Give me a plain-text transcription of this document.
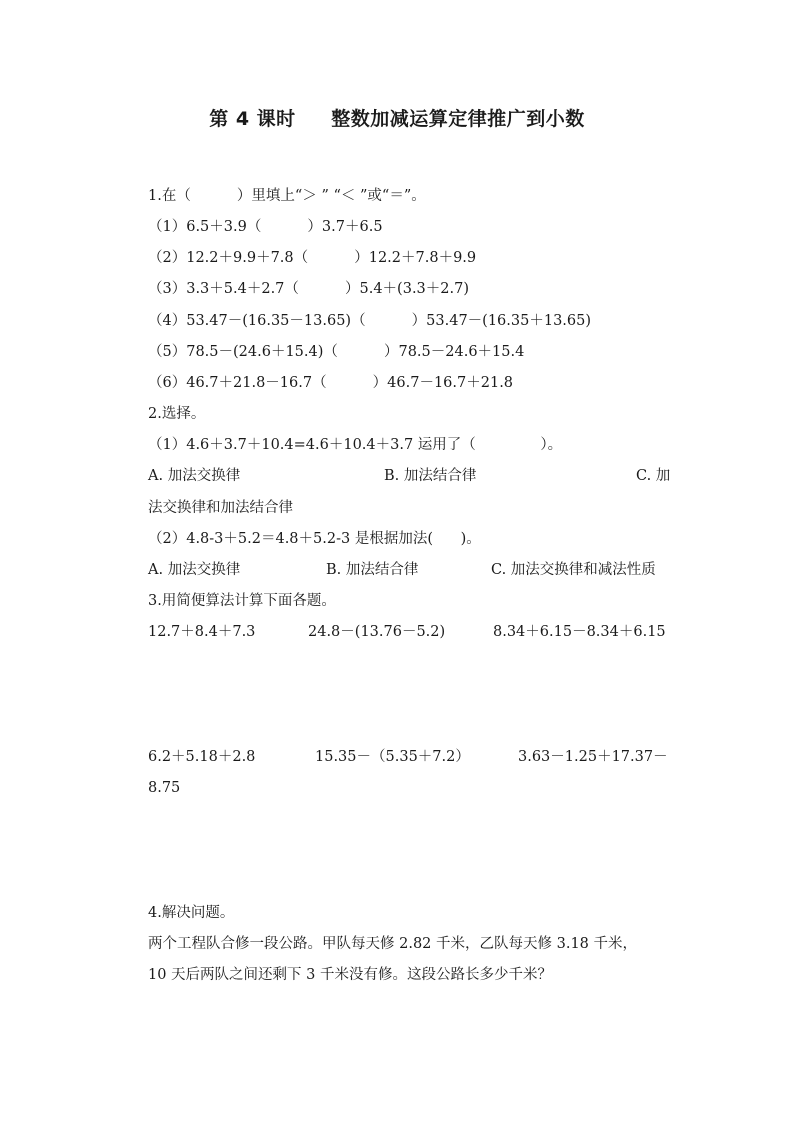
第 4 课时     整数加减运算定律推广到小数
1.在（          ）里填上“＞ ” “＜ ”或“＝”。
（1）6.5＋3.9（          ）3.7＋6.5
（2）12.2＋9.9＋7.8（          ）12.2＋7.8＋9.9
（3）3.3＋5.4＋2.7（          ）5.4＋(3.3＋2.7)
（4）53.47－(16.35－13.65)（          ）53.47－(16.35＋13.65)
（5）78.5－(24.6＋15.4)（          ）78.5－24.6＋15.4
（6）46.7＋21.8－16.7（          ）46.7－16.7＋21.8
2.选择。
（1）4.6＋3.7＋10.4=4.6＋10.4＋3.7 运用了（              ）。
A. 加法交换律	B. 加法结合律	C. 加
法交换律和加法结合律
（2）4.8-3＋5.2＝4.8＋5.2-3 是根据加法(      )。
A. 加法交换律	B. 加法结合律	C. 加法交换律和减法性质
3.用简便算法计算下面各题。
12.7＋8.4＋7.3	24.8－(13.76－5.2)	8.34＋6.15－8.34＋6.15
6.2＋5.18＋2.8	15.35－（5.35＋7.2）	3.63－1.25＋17.37－
8.75
4.解决问题。
两个工程队合修一段公路。甲队每天修 2.82 千米，乙队每天修 3.18 千米，
10 天后两队之间还剩下 3 千米没有修。这段公路长多少千米？
